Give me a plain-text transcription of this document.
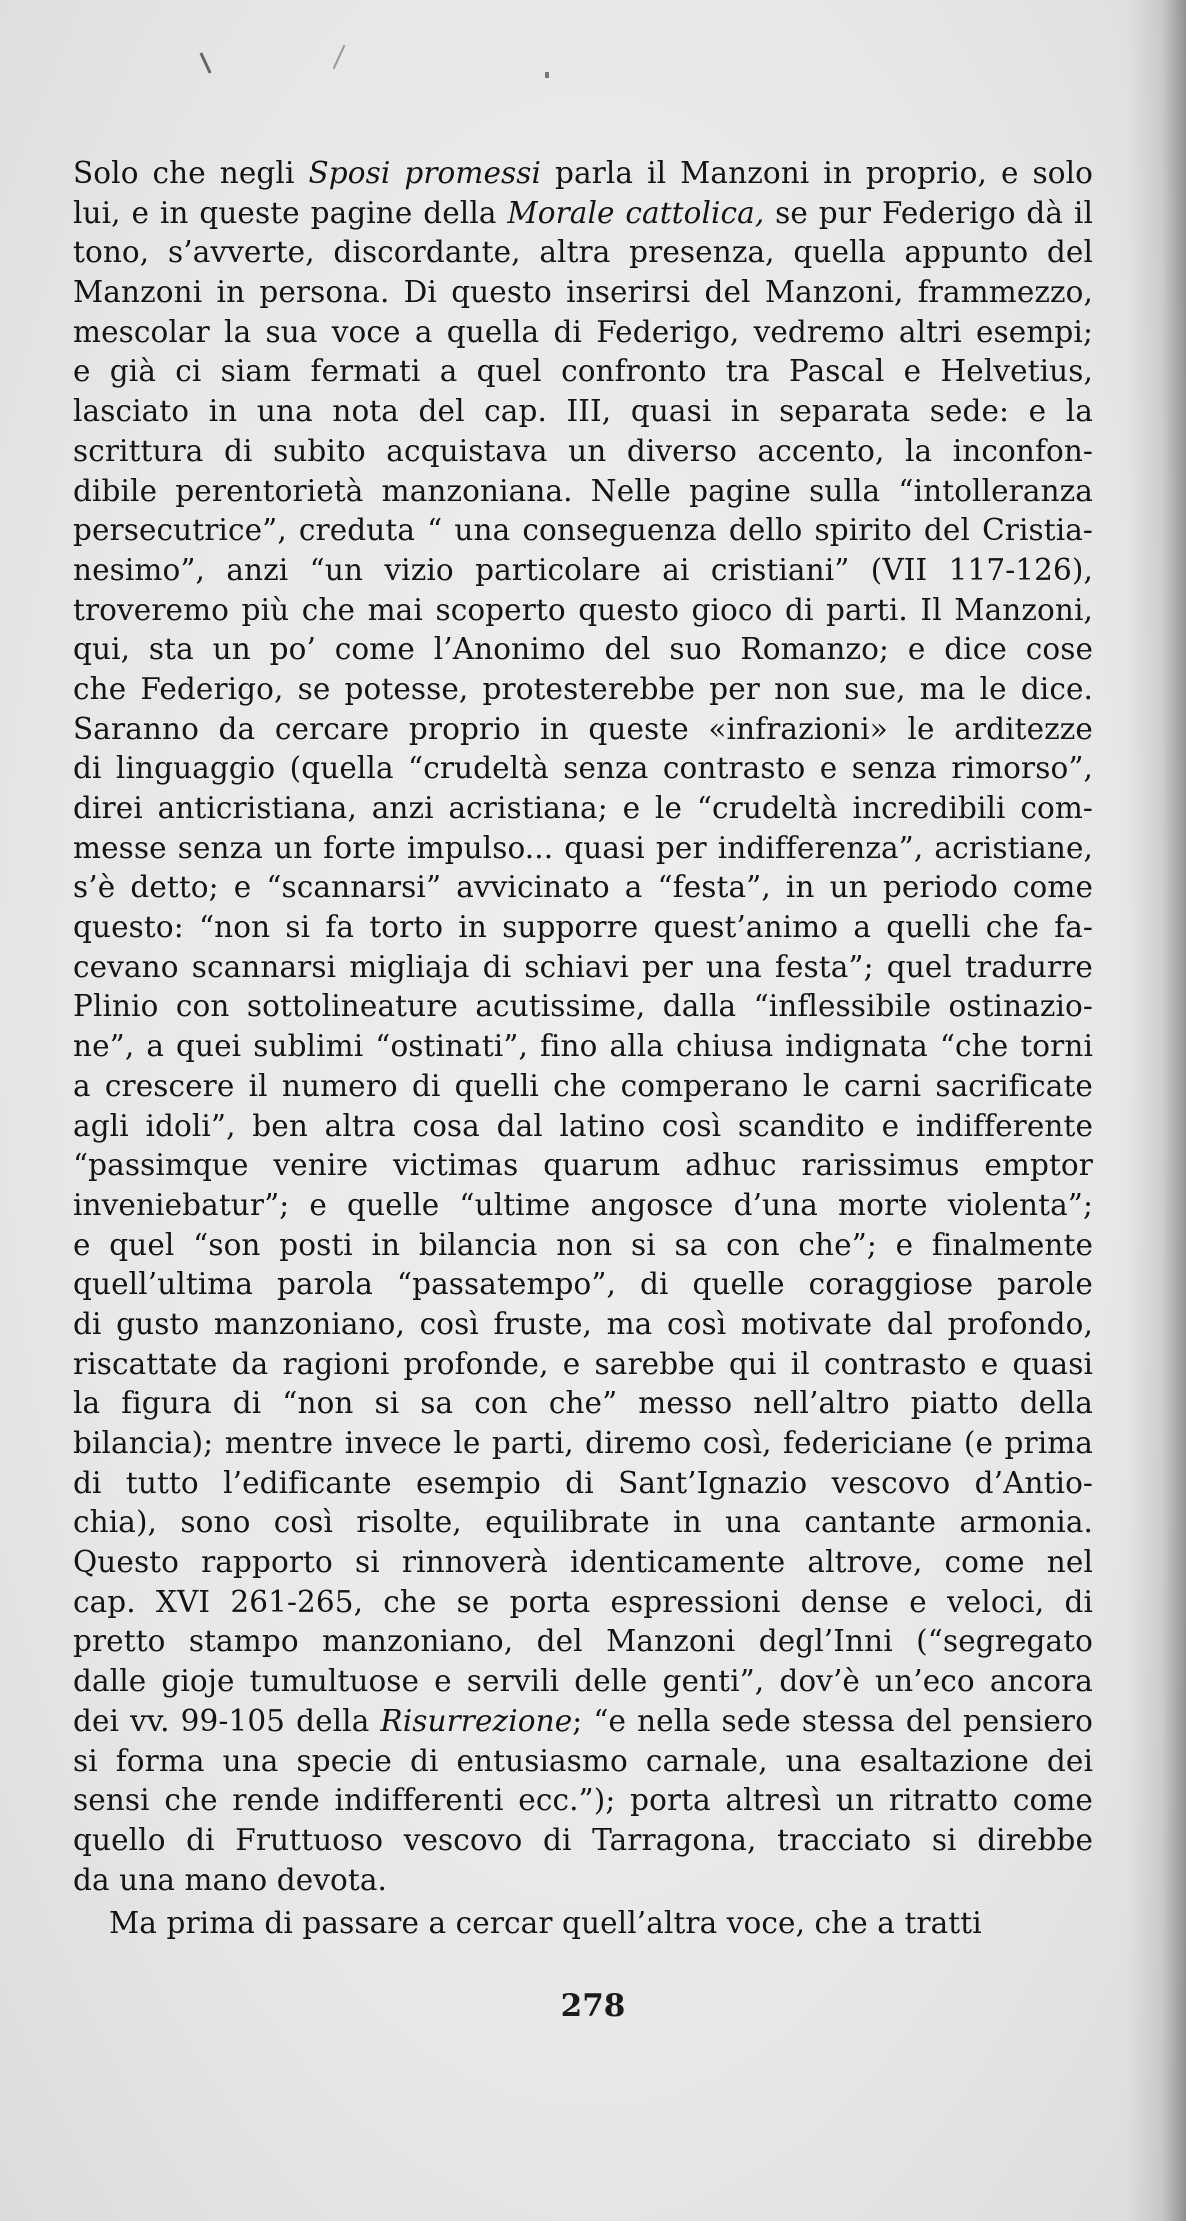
Solo che negli Sposi promessi parla il Manzoni in proprio, e solo
lui, e in queste pagine della Morale cattolica, se pur Federigo dà il
tono, s’avverte, discordante, altra presenza, quella appunto del
Manzoni in persona. Di questo inserirsi del Manzoni, frammezzo,
mescolar la sua voce a quella di Federigo, vedremo altri esempi;
e già ci siam fermati a quel confronto tra Pascal e Helvetius,
lasciato in una nota del cap. III, quasi in separata sede: e la
scrittura di subito acquistava un diverso accento, la inconfon-
dibile perentorietà manzoniana. Nelle pagine sulla “intolleranza
persecutrice”, creduta “ una conseguenza dello spirito del Cristia-
nesimo”, anzi “un vizio particolare ai cristiani” (VII 117-126),
troveremo più che mai scoperto questo gioco di parti. Il Manzoni,
qui, sta un po’ come l’Anonimo del suo Romanzo; e dice cose
che Federigo, se potesse, protesterebbe per non sue, ma le dice.
Saranno da cercare proprio in queste «infrazioni» le arditezze
di linguaggio (quella “crudeltà senza contrasto e senza rimorso”,
direi anticristiana, anzi acristiana; e le “crudeltà incredibili com-
messe senza un forte impulso... quasi per indifferenza”, acristiane,
s’è detto; e “scannarsi” avvicinato a “festa”, in un periodo come
questo: “non si fa torto in supporre quest’animo a quelli che fa-
cevano scannarsi migliaja di schiavi per una festa”; quel tradurre
Plinio con sottolineature acutissime, dalla “inflessibile ostinazio-
ne”, a quei sublimi “ostinati”, fino alla chiusa indignata “che torni
a crescere il numero di quelli che comperano le carni sacrificate
agli idoli”, ben altra cosa dal latino così scandito e indifferente
“passimque venire victimas quarum adhuc rarissimus emptor
inveniebatur”; e quelle “ultime angosce d’una morte violenta”;
e quel “son posti in bilancia non si sa con che”; e finalmente
quell’ultima parola “passatempo”, di quelle coraggiose parole
di gusto manzoniano, così fruste, ma così motivate dal profondo,
riscattate da ragioni profonde, e sarebbe qui il contrasto e quasi
la figura di “non si sa con che” messo nell’altro piatto della
bilancia); mentre invece le parti, diremo così, federiciane (e prima
di tutto l’edificante esempio di Sant’Ignazio vescovo d’Antio-
chia), sono così risolte, equilibrate in una cantante armonia.
Questo rapporto si rinnoverà identicamente altrove, come nel
cap. XVI 261-265, che se porta espressioni dense e veloci, di
pretto stampo manzoniano, del Manzoni degl’Inni (“segregato
dalle gioje tumultuose e servili delle genti”, dov’è un’eco ancora
dei vv. 99-105 della Risurrezione; “e nella sede stessa del pensiero
si forma una specie di entusiasmo carnale, una esaltazione dei
sensi che rende indifferenti ecc.”); porta altresì un ritratto come
quello di Fruttuoso vescovo di Tarragona, tracciato si direbbe
da una mano devota.
Ma prima di passare a cercar quell’altra voce, che a tratti
278
